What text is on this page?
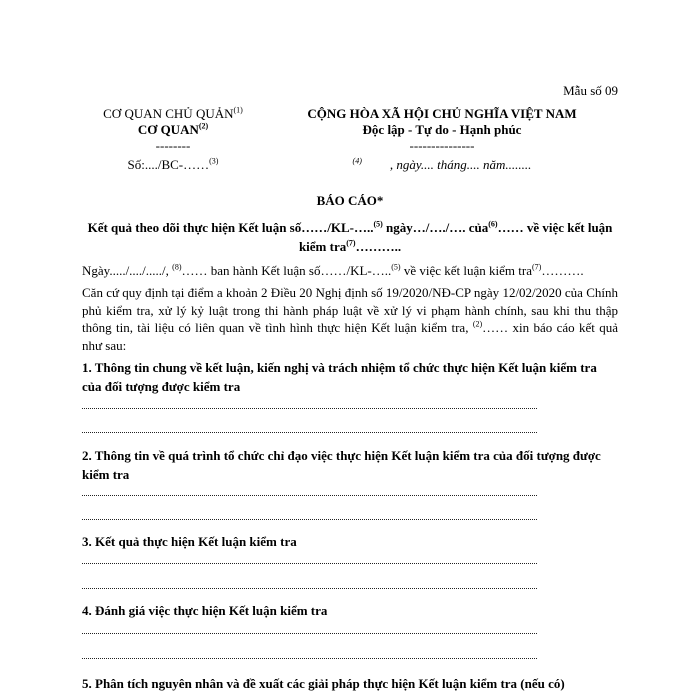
Mẫu số 09
CƠ QUAN CHỦ QUẢN$^{(1)}$
CƠ QUAN$^{(2)}$
--------
Số:..../BC-……$^{(3)}$
CỘNG HÒA XÃ HỘI CHỦ NGHĨA VIỆT NAM
Độc lập - Tự do - Hạnh phúc
---------------
$^{(4)}$ , ngày.... tháng.... năm........
BÁO CÁO*
Kết quả theo dõi thực hiện Kết luận số……/KL-…..$^{(5)}$ ngày…/…./…. của$^{(6)}$…… về việc kết luận kiểm tra$^{(7)}$………..
Ngày...../..../...../, $^{(8)}$…… ban hành Kết luận số……/KL-…..$^{(5)}$ về việc kết luận kiểm tra$^{(7)}$……….
Căn cứ quy định tại điểm a khoản 2 Điều 20 Nghị định số 19/2020/NĐ-CP ngày 12/02/2020 của Chính phủ kiểm tra, xử lý kỷ luật trong thi hành pháp luật về xử lý vi phạm hành chính, sau khi thu thập thông tin, tài liệu có liên quan về tình hình thực hiện Kết luận kiểm tra, $^{(2)}$…… xin báo cáo kết quả như sau:
1. Thông tin chung về kết luận, kiến nghị và trách nhiệm tổ chức thực hiện Kết luận kiểm tra của đối tượng được kiểm tra
2. Thông tin về quá trình tổ chức chỉ đạo việc thực hiện Kết luận kiểm tra của đối tượng được kiểm tra
3. Kết quả thực hiện Kết luận kiểm tra
4. Đánh giá việc thực hiện Kết luận kiểm tra
5. Phân tích nguyên nhân và đề xuất các giải pháp thực hiện Kết luận kiểm tra (nếu có)
